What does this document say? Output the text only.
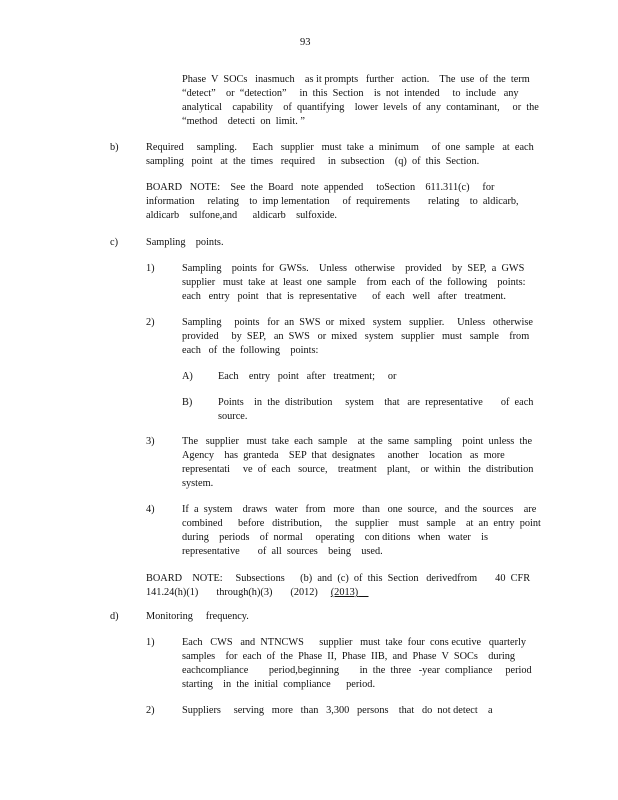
93
Phase  V  SOCs   inasmuch    as it prompts   further   action.    The  use  of  the  term
“detect”    or  “detection”     in  this  Section    is  not  intended     to  include   any
analytical    capability    of  quantifying    lower  levels  of  any  contaminant,     or  the
“method    detecti  on  limit. ”
b)	Required     sampling.      Each   supplier   must  take  a  minimum     of  one  sample   at  each
sampling   point   at  the  times   required     in  subsection    (q)  of  this  Section.
BOARD   NOTE:    See  the  Board   note  appended     toSection    611.311(c)     for
information     relating    to  imp lementation     of  requirements       relating    to  aldicarb,
aldicarb    sulfone,and      aldicarb    sulfoxide.
c)	Sampling    points.
1)	Sampling    points  for  GWSs.    Unless   otherwise    provided    by  SEP,  a  GWS
supplier   must  take  at  least  one  sample    from  each  of  the  following    points:
each   entry   point   that  is  representative      of  each   well   after   treatment.
2)	Sampling     points   for  an  SWS  or  mixed   system   supplier.     Unless   otherwise
provided     by  SEP,   an  SWS   or  mixed   system   supplier   must   sample    from
each   of  the  following    points:
A) Each    entry   point   after   treatment;     or
B) Points    in  the  distribution     system    that   are  representative       of  each
source.
3)	The   supplier   must  take  each  sample    at  the  same  sampling    point  unless  the
Agency    has  granteda    SEP  that  designates     another    location   as  more
representati     ve  of  each   source,    treatment    plant,    or  within   the  distribution
system.
4)	If  a  system    draws   water   from   more   than   one  source,   and  the  sources    are
combined      before   distribution,     the   supplier    must   sample    at  an  entry  point
during    periods    of  normal     operating    con ditions   when   water    is
representative       of  all  sources    being    used.
BOARD    NOTE:     Subsections      (b)  and  (c)  of  this  Section   derivedfrom       40  CFR
141.24(h)(1)       through(h)(3)       (2012)     (2013)
d)	Monitoring     frequency.
1)	Each   CWS   and  NTNCWS      supplier   must  take  four  cons ecutive   quarterly
samples    for  each  of  the  Phase  II,  Phase  IIB,  and  Phase  V  SOCs    during
eachcompliance        period,beginning        in  the  three   -year  compliance     period
starting    in  the  initial  compliance      period.
2)	Suppliers     serving   more   than   3,300   persons    that   do  not detect    a
